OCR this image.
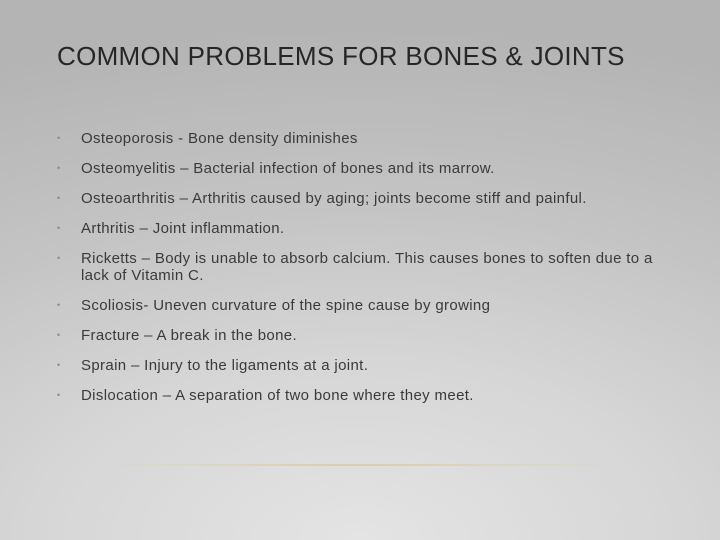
COMMON PROBLEMS FOR BONES & JOINTS
• Osteoporosis - Bone density diminishes
• Osteomyelitis – Bacterial infection of bones and its marrow.
• Osteoarthritis – Arthritis caused by aging; joints become stiff and painful.
• Arthritis – Joint inflammation.
• Ricketts – Body is unable to absorb calcium. This causes bones to soften due to a lack of Vitamin C.
• Scoliosis- Uneven curvature of the spine cause by growing
• Fracture – A break in the bone.
• Sprain – Injury to the ligaments at a joint.
• Dislocation – A separation of two bone where they meet.
